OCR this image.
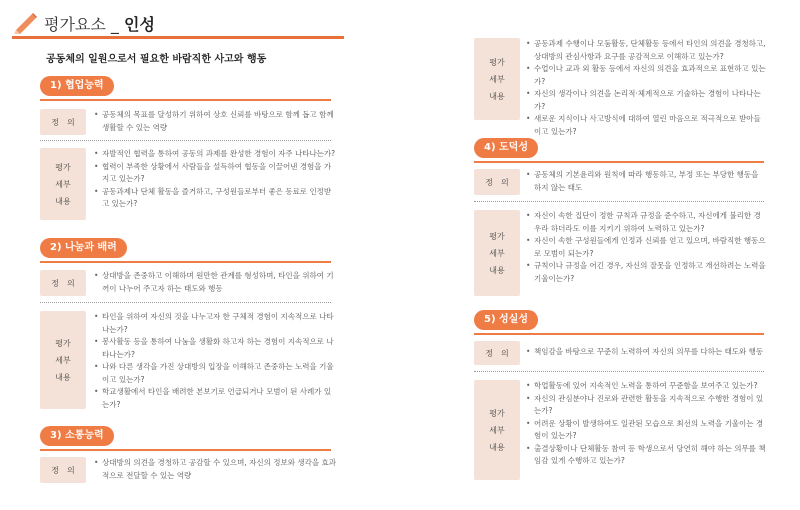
평가요소 _ 인성
공동체의 일원으로서 필요한 바람직한 사고와 행동
1) 협업능력
정의
• 공동체의 목표를 달성하기 위하여 상호 신뢰를 바탕으로 함께 돕고 함께 생활할 수 있는 역량
평가
세부
내용
• 자발적인 협력을 통하여 공동의 과제를 완성한 경험이 자주 나타나는가?
• 협력이 부족한 상황에서 사람들을 설득하여 협동을 이끌어낸 경험을 가지고 있는가?
• 공동과제나 단체 활동을 즐거하고, 구성원들로부터 좋은 동료로 인정받고 있는가?
2) 나눔과 배려
정의
• 상대방을 존중하고 이해하며 원만한 관계를 형성하며, 타인을 위하여 기꺼이 나누어 주고자 하는 태도와 행동
평가
세부
내용
• 타인을 위하여 자신의 것을 나누고자 한 구체적 경험이 지속적으로 나타나는가?
• 봉사활동 등을 통하여 나눔을 생활화 하고자 하는 경험이 지속적으로 나타나는가?
• 나와 다른 생각을 가진 상대방의 입장을 이해하고 존중하는 노력을 기울이고 있는가?
• 학교생활에서 타인을 배려한 본보기로 언급되거나 모범이 된 사례가 있는가?
3) 소통능력
정의
• 상대방의 의견을 경청하고 공감할 수 있으며, 자신의 정보와 생각을 효과적으로 전달할 수 있는 역량
평가
세부
내용
• 공동과제 수행이나 모둠활동, 단체활동 등에서 타인의 의견을 경청하고, 상대방의 관심사항과 요구를 공감적으로 이해하고 있는가?
• 수업이나 교과 외 활동 등에서 자신의 의견을 효과적으로 표현하고 있는가?
• 자신의 생각이나 의견을 논리적·체계적으로 기술하는 경험이 나타나는가?
• 새로운 지식이나 사고방식에 대하여 열린 마음으로 적극적으로 받아들이고 있는가?
4) 도덕성
정의
• 공동체의 기본윤리와 원칙에 따라 행동하고, 부정 또는 부당한 행동을 하지 않는 태도
평가
세부
내용
• 자신이 속한 집단이 정한 규칙과 규정을 준수하고, 자신에게 불리한 경우라 하더라도 이를 지키기 위하여 노력하고 있는가?
• 자신이 속한 구성원들에게 인정과 신뢰를 얻고 있으며, 바람직한 행동으로 모범이 되는가?
• 규칙이나 규정을 어긴 경우, 자신의 잘못을 인정하고 개선하려는 노력을 기울이는가?
5) 성실성
정의
•	책임감을 바탕으로 꾸준히 노력하여 자신의 의무를 다하는 태도와 행동
평가
세부
내용
• 학업활동에 있어 지속적인 노력을 통하여 꾸준함을 보여주고 있는가?
• 자신의 관심분야나 진로와 관련한 활동을 지속적으로 수행한 경험이 있는가?
• 어려운 상황이 발생하여도 일관된 모습으로 최선의 노력을 기울이는 경험이 있는가?
• 출결상황이나 단체활동 참여 등 학생으로서 당연히 해야 하는 의무를 책임감 있게 수행하고 있는가?
